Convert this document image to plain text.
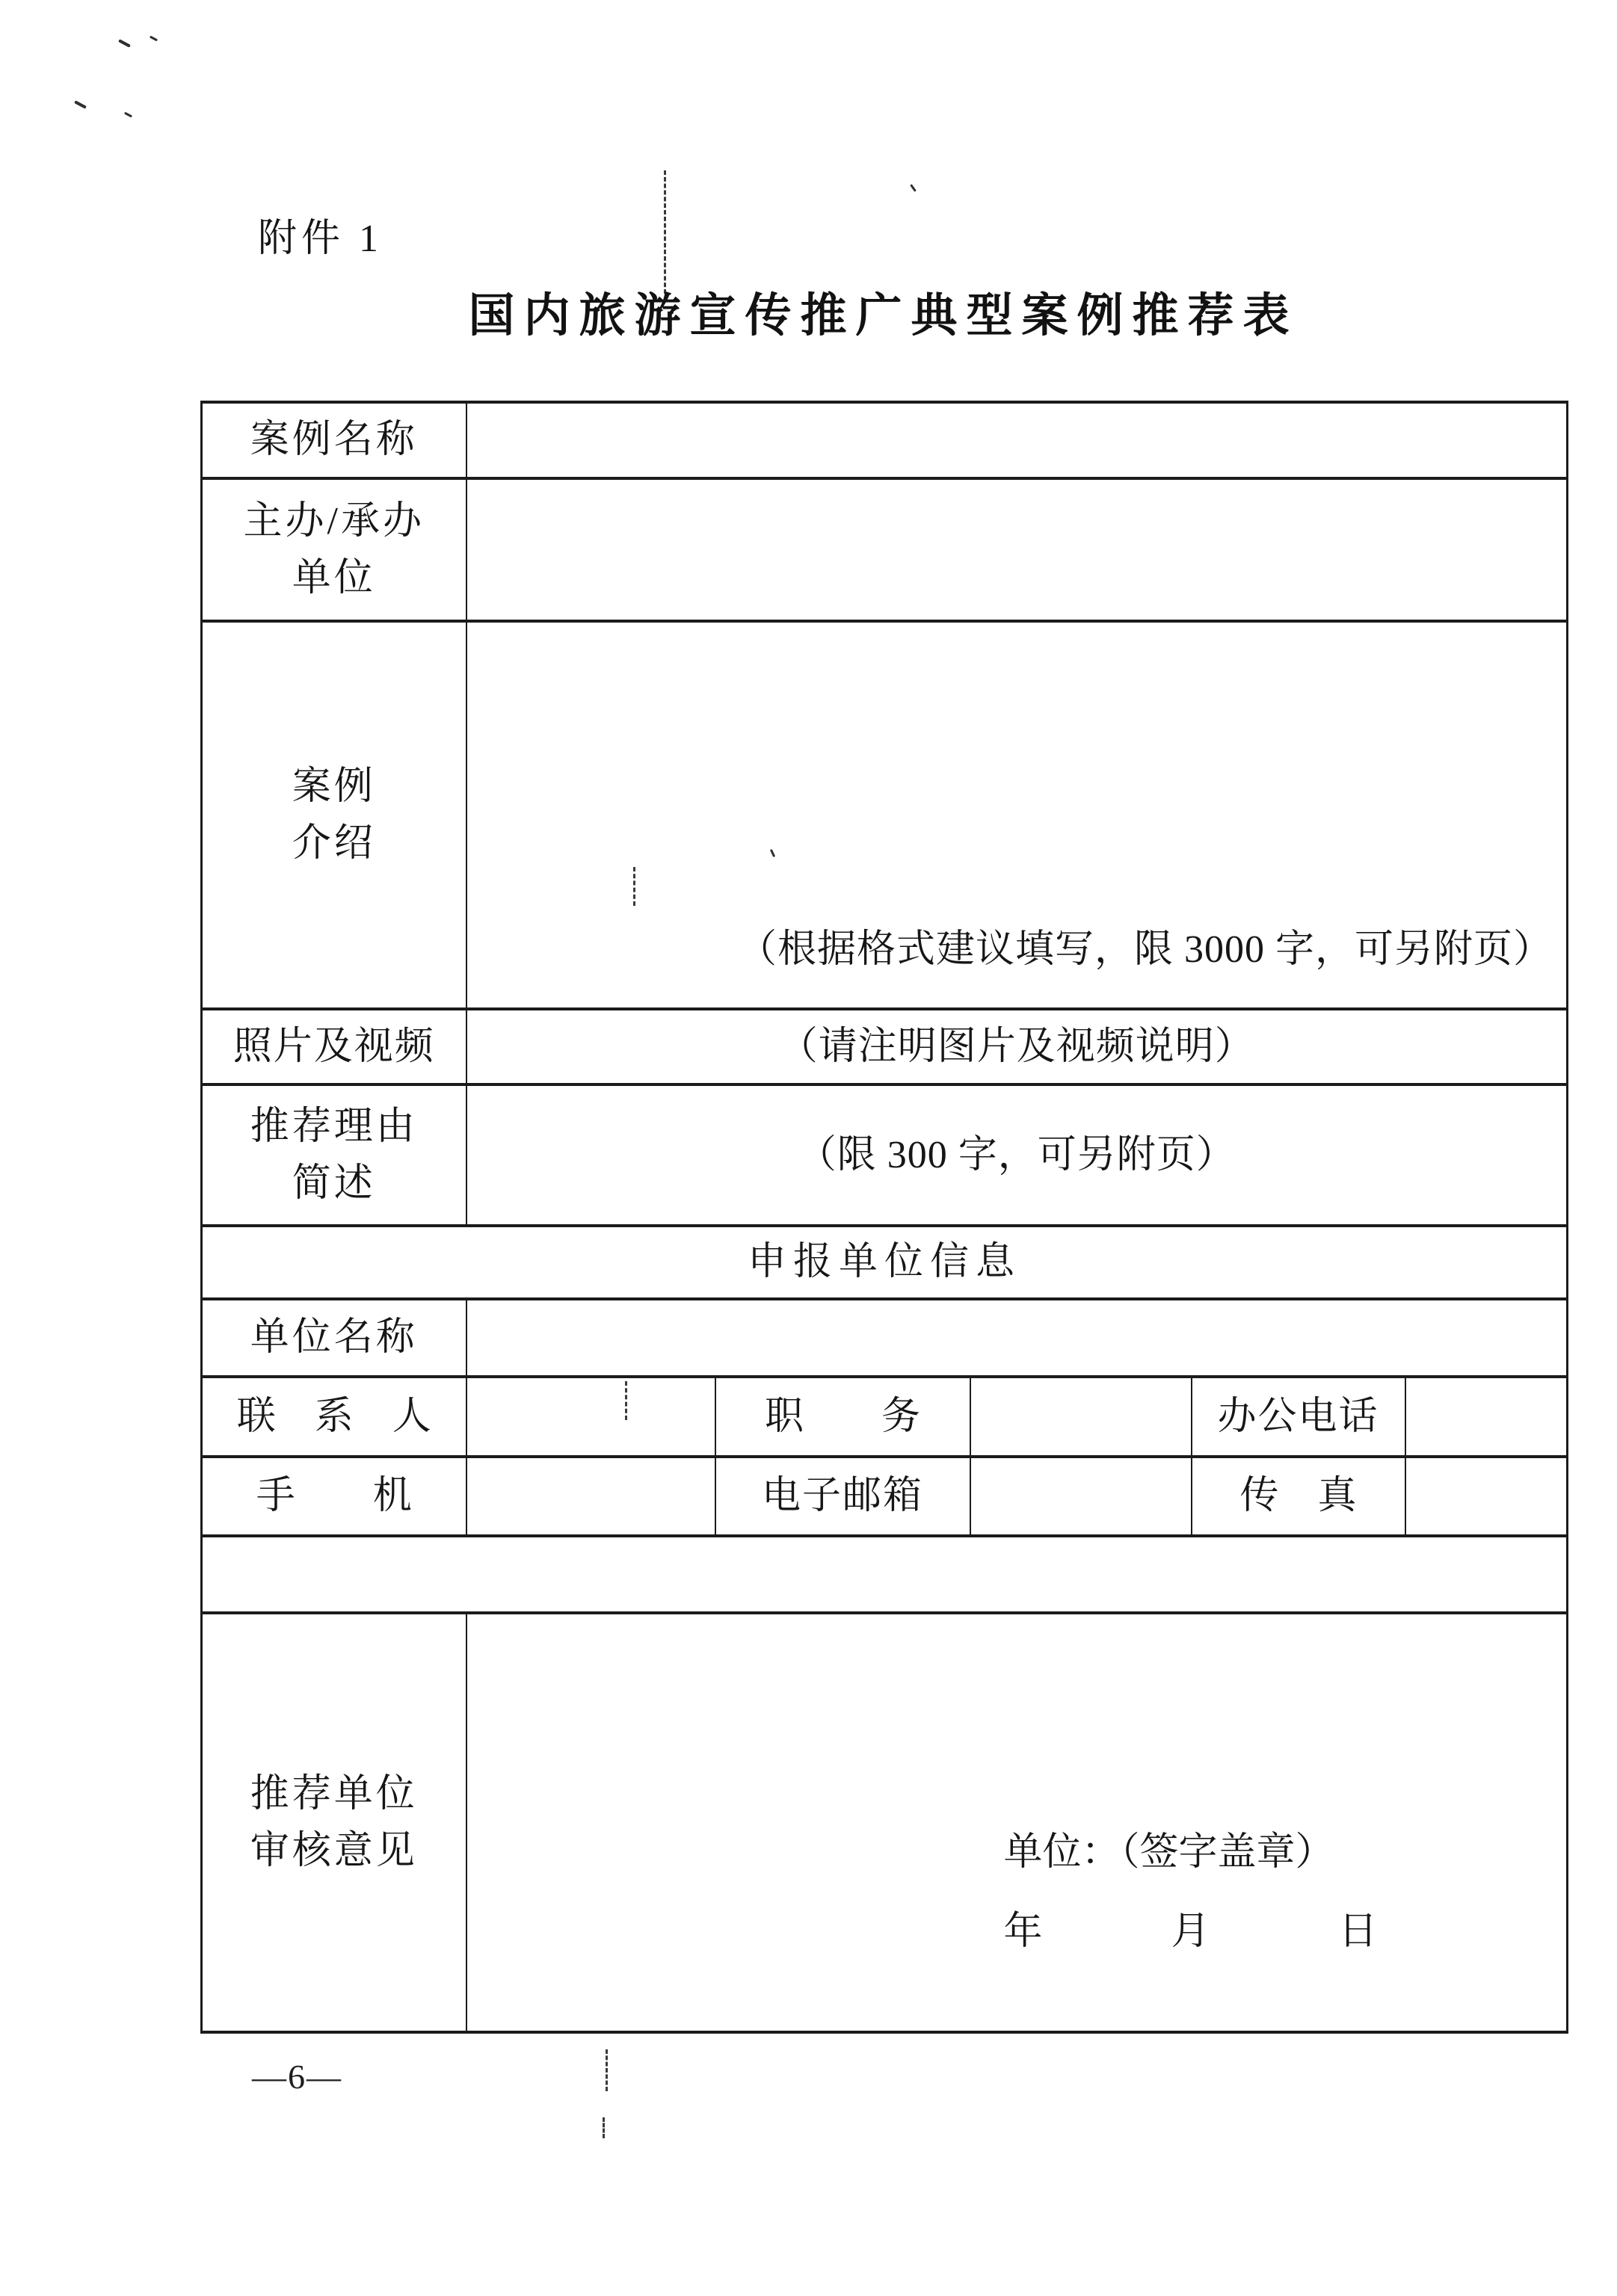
附件 1
国内旅游宣传推广典型案例推荐表
案例名称					

主办/承办
单位					

案例
介绍	（根据格式建议填写，限 3000 字，可另附页）				

照片及视频	（请注明图片及视频说明）				

推荐理由
简述	（限 300 字，可另附页）				
申报单位信息					
单位名称					
联　系　人		职　　务		办公电话	
手　　机		电子邮箱		传　真	

推荐单位
审核意见	单位：（签字盖章）
年	月	日
—6—
